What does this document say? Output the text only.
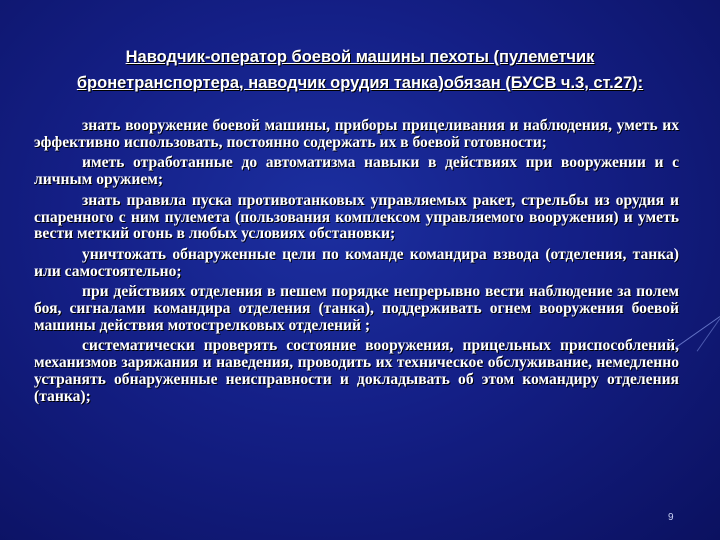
Наводчик-оператор боевой машины пехоты (пулеметчик
бронетранспортера, наводчик орудия танка)обязан (БУСВ ч.3, ст.27):

знать вооружение боевой машины, приборы прицеливания и наблюдения, уметь их эффективно использовать, постоянно содержать их в боевой готовности;

иметь отработанные до автоматизма навыки в действиях при вооружении и с личным оружием;

знать правила пуска противотанковых управляемых ракет, стрельбы из орудия и спаренного с ним пулемета (пользования комплексом управляемого вооружения) и уметь вести меткий огонь в любых условиях обстановки;

уничтожать обнаруженные цели по команде командира взвода (отделения, танка) или самостоятельно;

при действиях отделения в пешем порядке непрерывно вести наблюдение за полем боя, сигналами командира отделения (танка), поддерживать огнем вооружения боевой машины действия мотострелковых отделений ;

систематически проверять состояние вооружения, прицельных приспособлений, механизмов заряжания и наведения, проводить их техническое обслуживание, немедленно устранять обнаруженные неисправности и докладывать об этом командиру отделения (танка);

9
